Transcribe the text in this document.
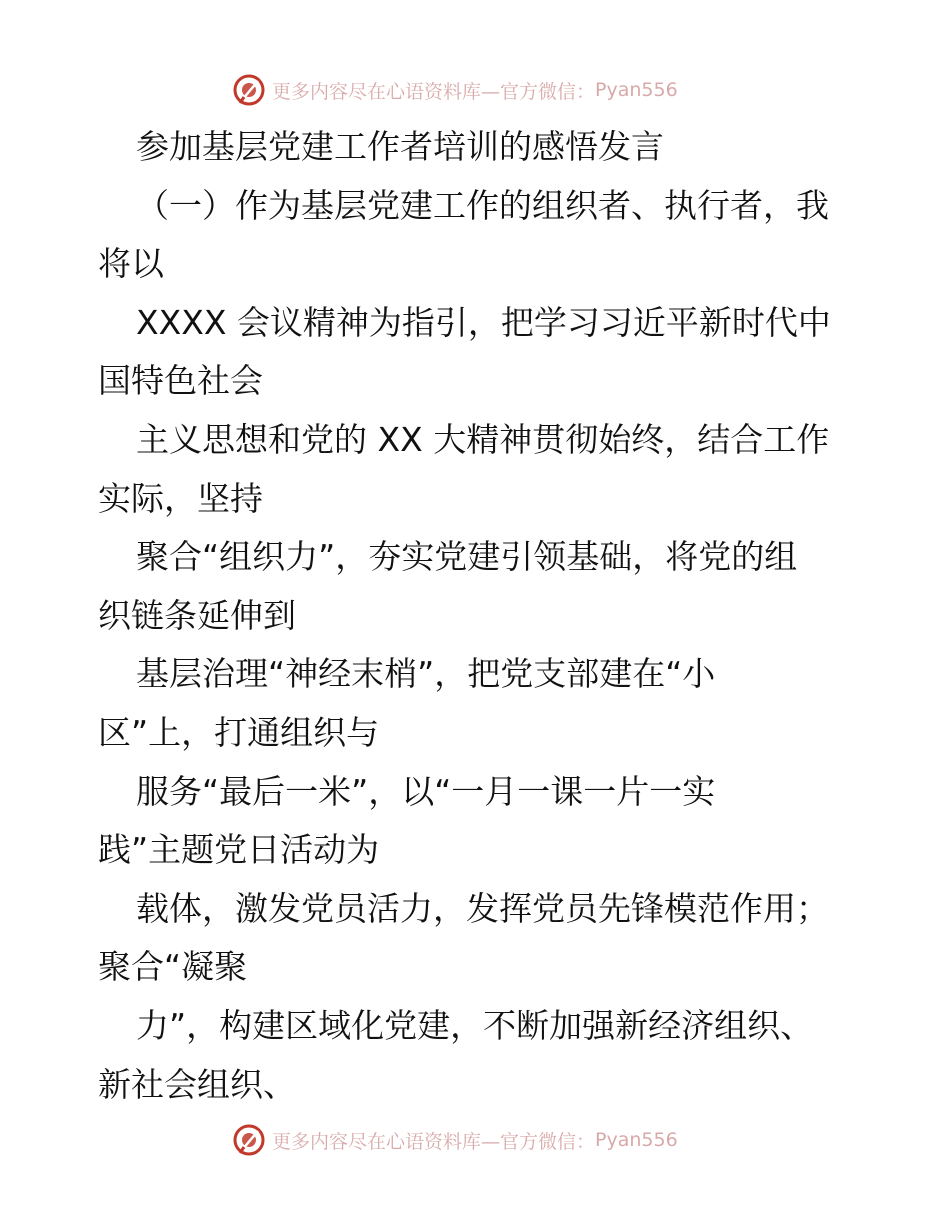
更多内容尽在心语资料库—官方微信： Pyan556
参加基层党建工作者培训的感悟发言
（一）作为基层党建工作的组织者、执行者，我
将以
XXXX 会议精神为指引，把学习习近平新时代中
国特色社会
主义思想和党的 XX 大精神贯彻始终，结合工作
实际，坚持
聚合“组织力”，夯实党建引领基础，将党的组
织链条延伸到
基层治理“神经末梢”，把党支部建在“小
区”上，打通组织与
服务“最后一米”，以“一月一课一片一实
践”主题党日活动为
载体，激发党员活力，发挥党员先锋模范作用；
聚合“凝聚
力”，构建区域化党建，不断加强新经济组织、
新社会组织、
更多内容尽在心语资料库—官方微信： Pyan556
